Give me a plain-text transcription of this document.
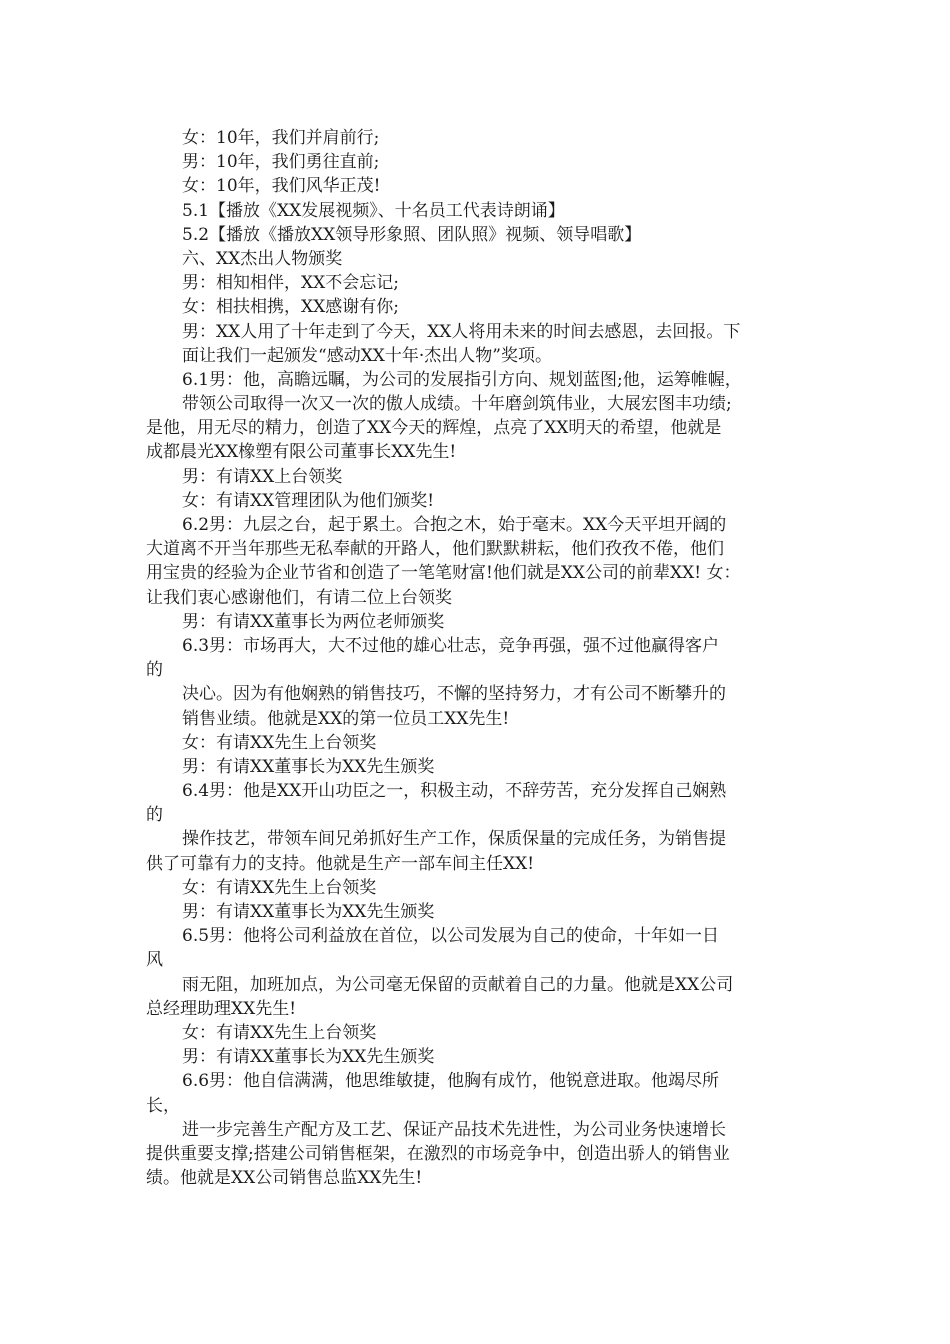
女：10年，我们并肩前行;
男：10年，我们勇往直前;
女：10年，我们风华正茂!
5.1【播放《XX发展视频》、十名员工代表诗朗诵】
5.2【播放《播放XX领导形象照、团队照》视频、领导唱歌】
六、XX杰出人物颁奖
男：相知相伴，XX不会忘记;
女：相扶相携，XX感谢有你;
男：XX人用了十年走到了今天，XX人将用未来的时间去感恩，去回报。下
面让我们一起颁发“感动XX十年·杰出人物”奖项。
6.1男：他，高瞻远瞩，为公司的发展指引方向、规划蓝图;他，运筹帷幄，
带领公司取得一次又一次的傲人成绩。十年磨剑筑伟业，大展宏图丰功绩;
是他，用无尽的精力，创造了XX今天的辉煌，点亮了XX明天的希望，他就是
成都晨光XX橡塑有限公司董事长XX先生!
男：有请XX上台领奖
女：有请XX管理团队为他们颁奖!
6.2男：九层之台，起于累土。合抱之木，始于毫末。XX今天平坦开阔的
大道离不开当年那些无私奉献的开路人，他们默默耕耘，他们孜孜不倦，他们
用宝贵的经验为企业节省和创造了一笔笔财富!他们就是XX公司的前辈XX! 女：
让我们衷心感谢他们，有请二位上台领奖
男：有请XX董事长为两位老师颁奖
6.3男：市场再大，大不过他的雄心壮志，竞争再强，强不过他赢得客户
的
决心。因为有他娴熟的销售技巧，不懈的坚持努力，才有公司不断攀升的
销售业绩。他就是XX的第一位员工XX先生!
女：有请XX先生上台领奖
男：有请XX董事长为XX先生颁奖
6.4男：他是XX开山功臣之一，积极主动，不辞劳苦，充分发挥自己娴熟
的
操作技艺，带领车间兄弟抓好生产工作，保质保量的完成任务，为销售提
供了可靠有力的支持。他就是生产一部车间主任XX!
女：有请XX先生上台领奖
男：有请XX董事长为XX先生颁奖
6.5男：他将公司利益放在首位，以公司发展为自己的使命，十年如一日
风
雨无阻，加班加点，为公司毫无保留的贡献着自己的力量。他就是XX公司
总经理助理XX先生!
女：有请XX先生上台领奖
男：有请XX董事长为XX先生颁奖
6.6男：他自信满满，他思维敏捷，他胸有成竹，他锐意进取。他竭尽所
长，
进一步完善生产配方及工艺、保证产品技术先进性，为公司业务快速增长
提供重要支撑;搭建公司销售框架，在激烈的市场竞争中，创造出骄人的销售业
绩。他就是XX公司销售总监XX先生!
